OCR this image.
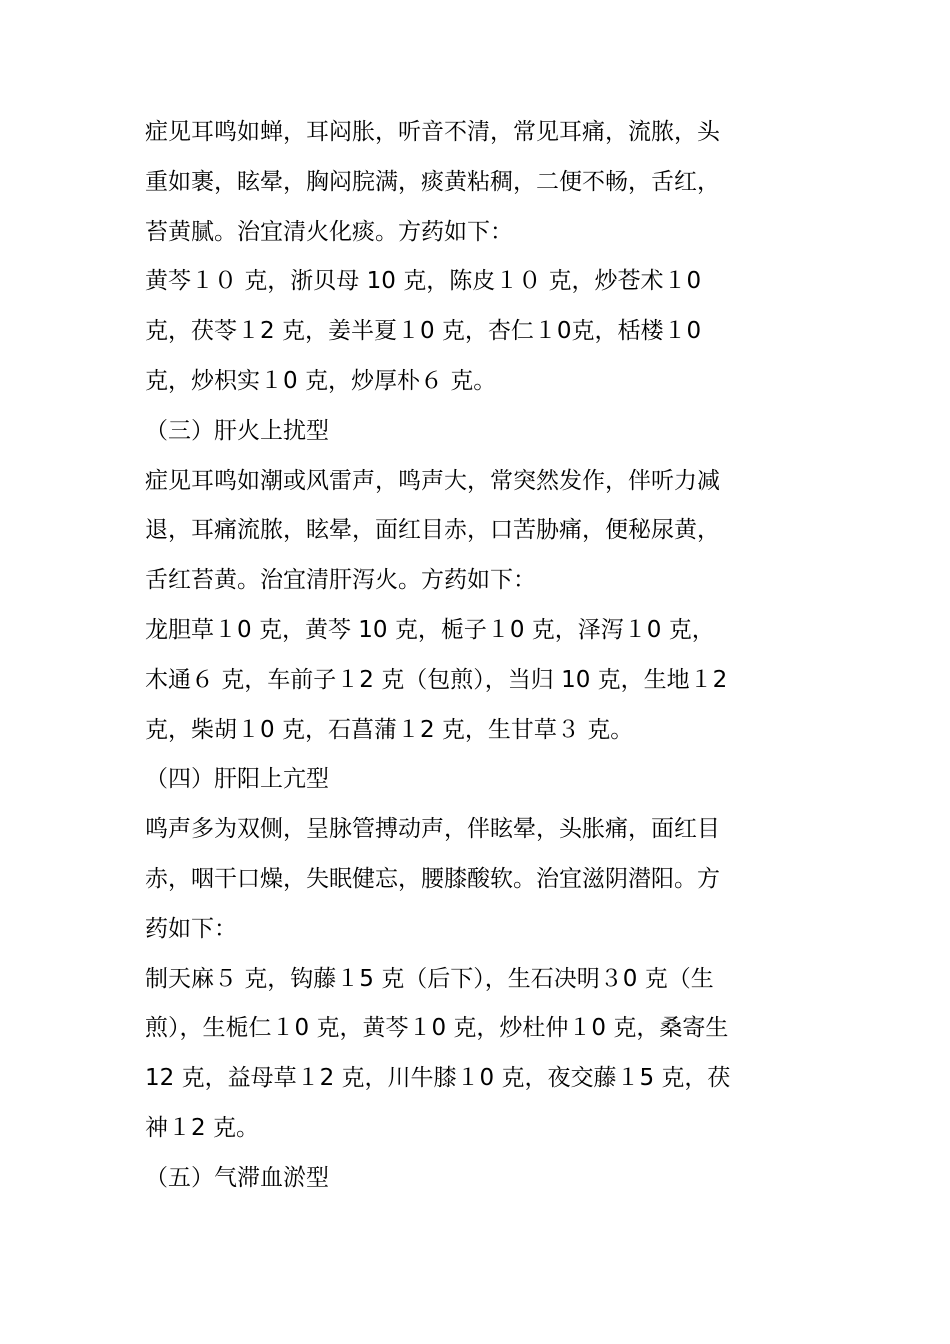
症见耳鸣如蝉，耳闷胀，听音不清，常见耳痛，流脓，头
重如裹，眩晕，胸闷脘满，痰黄粘稠，二便不畅，舌红，
苔黄腻。治宜清火化痰。方药如下：
黄芩１０ 克，浙贝母 10 克，陈皮１０ 克，炒苍术１0
克，茯苓１2 克，姜半夏１0 克，杏仁１0克，栝楼１0
克，炒枳实１0 克，炒厚朴６ 克。
（三）肝火上扰型
症见耳鸣如潮或风雷声，鸣声大，常突然发作，伴听力减
退，耳痛流脓，眩晕，面红目赤，口苦胁痛，便秘尿黄，
舌红苔黄。治宜清肝泻火。方药如下：
龙胆草１0 克，黄芩 10 克，栀子１0 克，泽泻１0 克，
木通６ 克，车前子１2 克（包煎），当归 10 克，生地１2
克，柴胡１0 克，石菖蒲１2 克，生甘草３ 克。
（四）肝阳上亢型
鸣声多为双侧，呈脉管搏动声，伴眩晕，头胀痛，面红目
赤，咽干口燥，失眠健忘，腰膝酸软。治宜滋阴潜阳。方
药如下：
制天麻５ 克，钩藤１5 克（后下），生石决明３0 克（生
煎），生栀仁１0 克，黄芩１0 克，炒杜仲１0 克，桑寄生
12 克，益母草１2 克，川牛膝１0 克，夜交藤１5 克，茯
神１2 克。
（五）气滞血淤型
